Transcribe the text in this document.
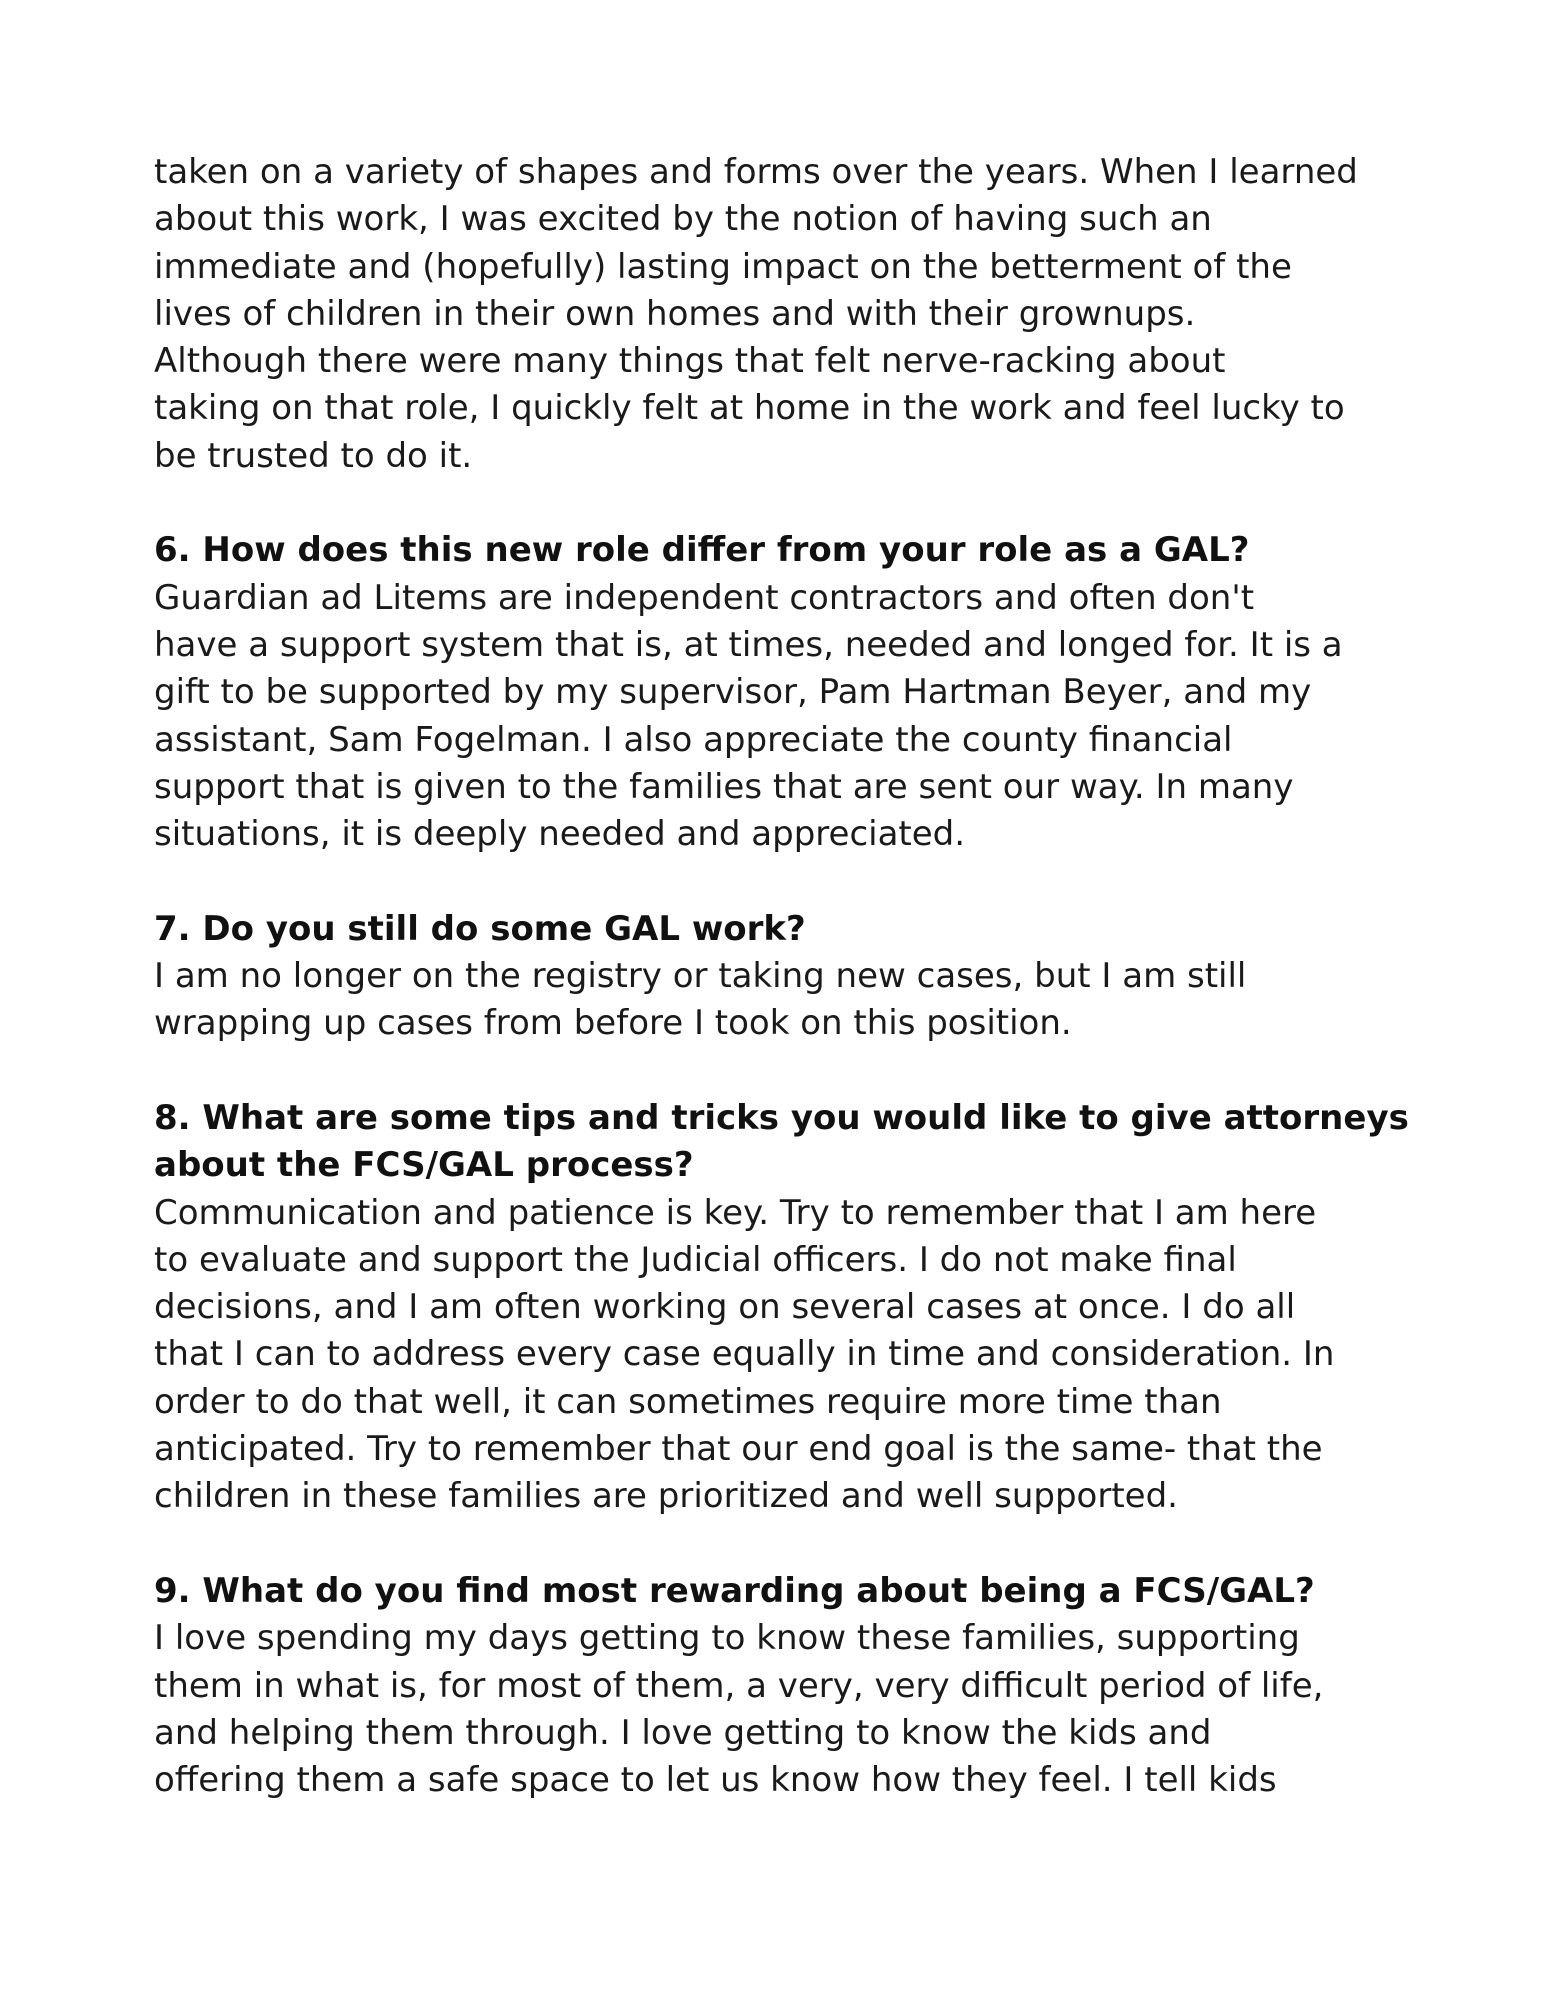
taken on a variety of shapes and forms over the years. When I learned
about this work, I was excited by the notion of having such an
immediate and (hopefully) lasting impact on the betterment of the
lives of children in their own homes and with their grownups.
Although there were many things that felt nerve-racking about
taking on that role, I quickly felt at home in the work and feel lucky to
be trusted to do it.
6. How does this new role differ from your role as a GAL?
Guardian ad Litems are independent contractors and often don't
have a support system that is, at times, needed and longed for. It is a
gift to be supported by my supervisor, Pam Hartman Beyer, and my
assistant, Sam Fogelman. I also appreciate the county financial
support that is given to the families that are sent our way. In many
situations, it is deeply needed and appreciated.
7. Do you still do some GAL work?
I am no longer on the registry or taking new cases, but I am still
wrapping up cases from before I took on this position.
8. What are some tips and tricks you would like to give attorneys
about the FCS/GAL process?
Communication and patience is key. Try to remember that I am here
to evaluate and support the Judicial officers. I do not make final
decisions, and I am often working on several cases at once. I do all
that I can to address every case equally in time and consideration. In
order to do that well, it can sometimes require more time than
anticipated. Try to remember that our end goal is the same- that the
children in these families are prioritized and well supported.
9. What do you find most rewarding about being a FCS/GAL?
I love spending my days getting to know these families, supporting
them in what is, for most of them, a very, very difficult period of life,
and helping them through. I love getting to know the kids and
offering them a safe space to let us know how they feel. I tell kids
